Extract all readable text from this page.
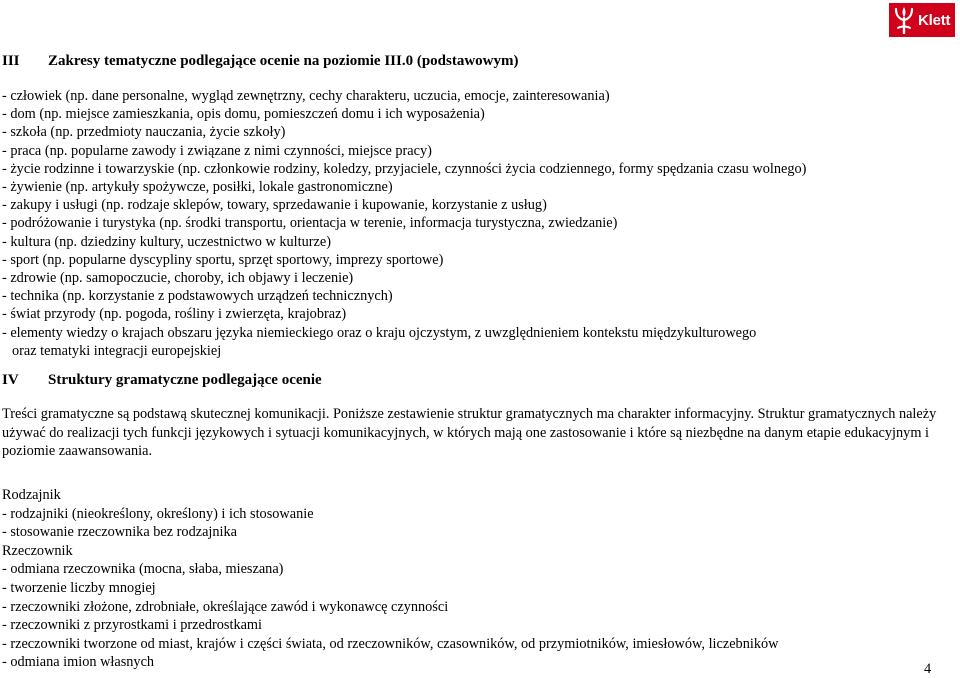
Klett
III Zakresy tematyczne podlegające ocenie na poziomie III.0 (podstawowym)
- człowiek (np. dane personalne, wygląd zewnętrzny, cechy charakteru, uczucia, emocje, zainteresowania)
- dom (np. miejsce zamieszkania, opis domu, pomieszczeń domu i ich wyposażenia)
- szkoła (np. przedmioty nauczania, życie szkoły)
- praca (np. popularne zawody i związane z nimi czynności, miejsce pracy)
- życie rodzinne i towarzyskie (np. członkowie rodziny, koledzy, przyjaciele, czynności życia codziennego, formy spędzania czasu wolnego)
- żywienie (np. artykuły spożywcze, posiłki, lokale gastronomiczne)
- zakupy i usługi (np. rodzaje sklepów, towary, sprzedawanie i kupowanie, korzystanie z usług)
- podróżowanie i turystyka (np. środki transportu, orientacja w terenie, informacja turystyczna, zwiedzanie)
- kultura (np. dziedziny kultury, uczestnictwo w kulturze)
- sport (np. popularne dyscypliny sportu, sprzęt sportowy, imprezy sportowe)
- zdrowie (np. samopoczucie, choroby, ich objawy i leczenie)
- technika (np. korzystanie z podstawowych urządzeń technicznych)
- świat przyrody (np. pogoda, rośliny i zwierzęta, krajobraz)
- elementy wiedzy o krajach obszaru języka niemieckiego oraz o kraju ojczystym, z uwzględnieniem kontekstu międzykulturowego
oraz tematyki integracji europejskiej
IV Struktury gramatyczne podlegające ocenie
Treści gramatyczne są podstawą skutecznej komunikacji. Poniższe zestawienie struktur gramatycznych ma charakter informacyjny. Struktur gramatycznych należy używać do realizacji tych funkcji językowych i sytuacji komunikacyjnych, w których mają one zastosowanie i które są niezbędne na danym etapie edukacyjnym i poziomie zaawansowania.
Rodzajnik
- rodzajniki (nieokreślony, określony) i ich stosowanie
- stosowanie rzeczownika bez rodzajnika
Rzeczownik
- odmiana rzeczownika (mocna, słaba, mieszana)
- tworzenie liczby mnogiej
- rzeczowniki złożone, zdrobniałe, określające zawód i wykonawcę czynności
- rzeczowniki z przyrostkami i przedrostkami
- rzeczowniki tworzone od miast, krajów i części świata, od rzeczowników, czasowników, od przymiotników, imiesłowów, liczebników
- odmiana imion własnych	4
